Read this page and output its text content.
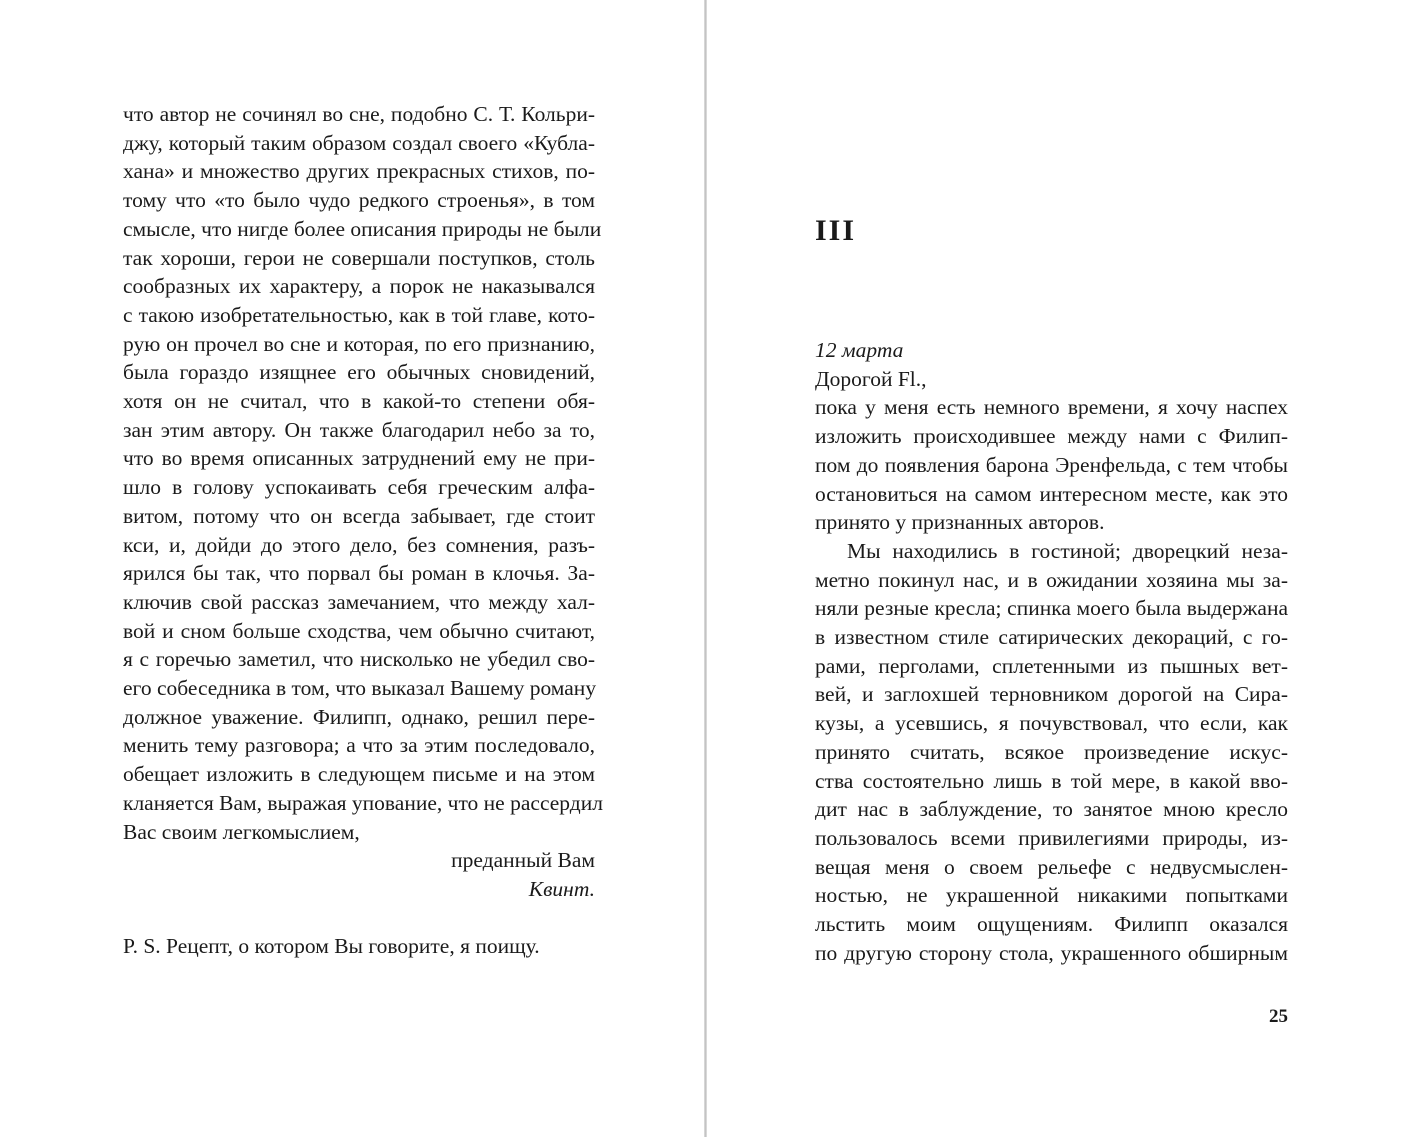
что автор не сочинял во сне, подобно С. Т. Кольри-

джу, который таким образом создал своего «Кубла-

хана» и множество других прекрасных стихов, по-

тому что «то было чудо редкого строенья», в том

смысле, что нигде более описания природы не были

так хороши, герои не совершали поступков, столь

сообразных их характеру, а порок не наказывался

с такою изобретательностью, как в той главе, кото-

рую он прочел во сне и которая, по его признанию,

была гораздо изящнее его обычных сновидений,

хотя он не считал, что в какой-то степени обя-

зан этим автору. Он также благодарил небо за то,

что во время описанных затруднений ему не при-

шло в голову успокаивать себя греческим алфа-

витом, потому что он всегда забывает, где стоит

кси, и, дойди до этого дело, без сомнения, разъ-

ярился бы так, что порвал бы роман в клочья. За-

ключив свой рассказ замечанием, что между хал-

вой и сном больше сходства, чем обычно считают,

я с горечью заметил, что нисколько не убедил сво-

его собеседника в том, что выказал Вашему роману

должное уважение. Филипп, однако, решил пере-

менить тему разговора; а что за этим последовало,

обещает изложить в следующем письме и на этом

кланяется Вам, выражая упование, что не рассердил

Вас своим легкомыслием,

преданный Вам

Квинт.

P. S. Рецепт, о котором Вы говорите, я поищу.

III

12 марта

Дорогой Fl.,

пока у меня есть немного времени, я хочу наспех

изложить происходившее между нами с Филип-

пом до появления барона Эренфельда, с тем чтобы

остановиться на самом интересном месте, как это

принято у признанных авторов.

Мы находились в гостиной; дворецкий неза-

метно покинул нас, и в ожидании хозяина мы за-

няли резные кресла; спинка моего была выдержана

в известном стиле сатирических декораций, с го-

рами, перголами, сплетенными из пышных вет-

вей, и заглохшей терновником дорогой на Сира-

кузы, а усевшись, я почувствовал, что если, как

принято считать, всякое произведение искус-

ства состоятельно лишь в той мере, в какой вво-

дит нас в заблуждение, то занятое мною кресло

пользовалось всеми привилегиями природы, из-

вещая меня о своем рельефе с недвусмыслен-

ностью, не украшенной никакими попытками

льстить моим ощущениям. Филипп оказался

по другую сторону стола, украшенного обширным

25
